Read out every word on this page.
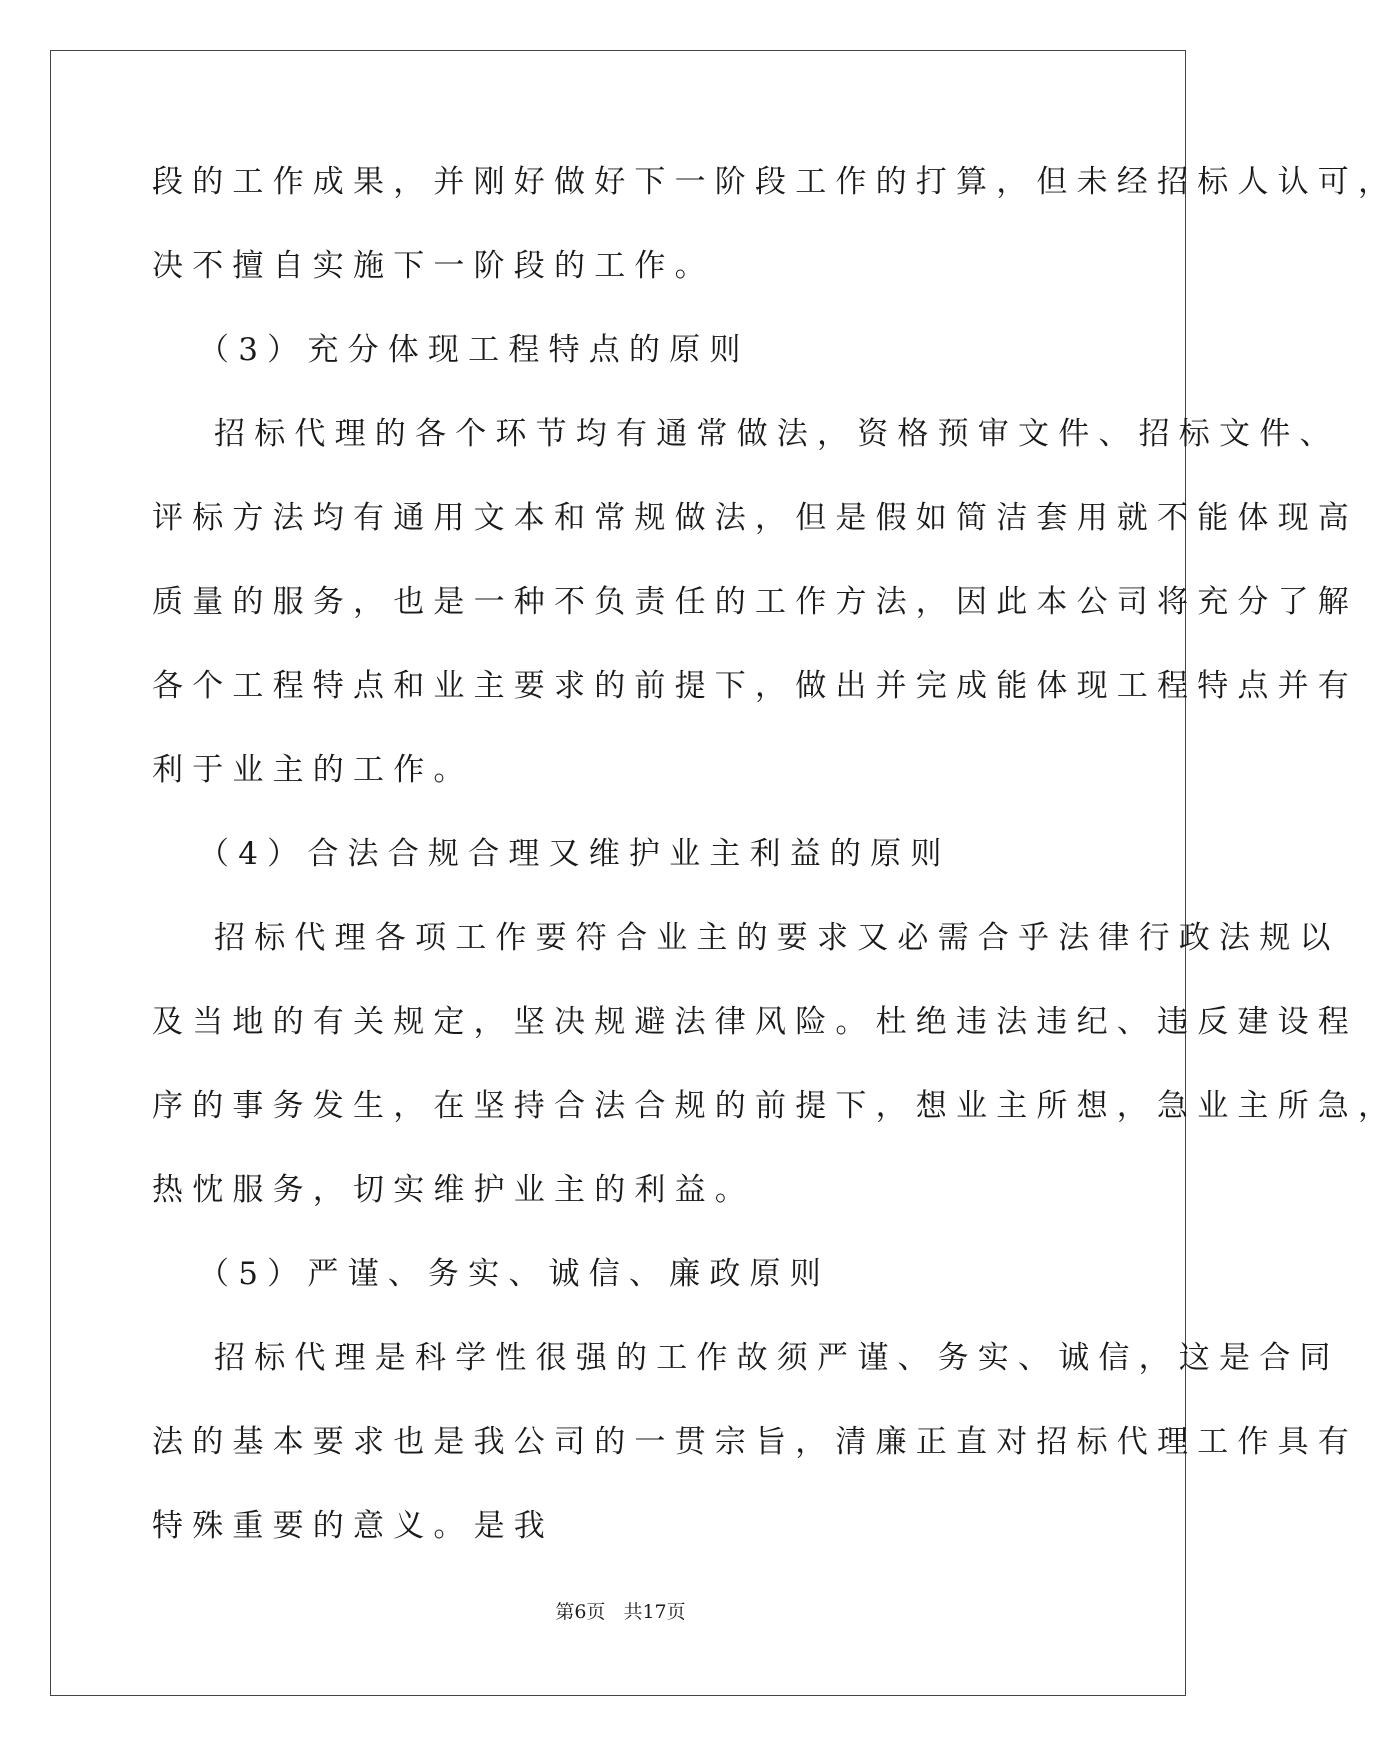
段的工作成果，并刚好做好下一阶段工作的打算，但未经招标人认可，
决不擅自实施下一阶段的工作。
（3）充分体现工程特点的原则
招标代理的各个环节均有通常做法，资格预审文件、招标文件、
评标方法均有通用文本和常规做法，但是假如简洁套用就不能体现高
质量的服务，也是一种不负责任的工作方法，因此本公司将充分了解
各个工程特点和业主要求的前提下，做出并完成能体现工程特点并有
利于业主的工作。
（4）合法合规合理又维护业主利益的原则
招标代理各项工作要符合业主的要求又必需合乎法律行政法规以
及当地的有关规定，坚决规避法律风险。杜绝违法违纪、违反建设程
序的事务发生，在坚持合法合规的前提下，想业主所想，急业主所急，
热忱服务，切实维护业主的利益。
（5）严谨、务实、诚信、廉政原则
招标代理是科学性很强的工作故须严谨、务实、诚信，这是合同
法的基本要求也是我公司的一贯宗旨，清廉正直对招标代理工作具有
特殊重要的意义。是我
第6页 共17页
